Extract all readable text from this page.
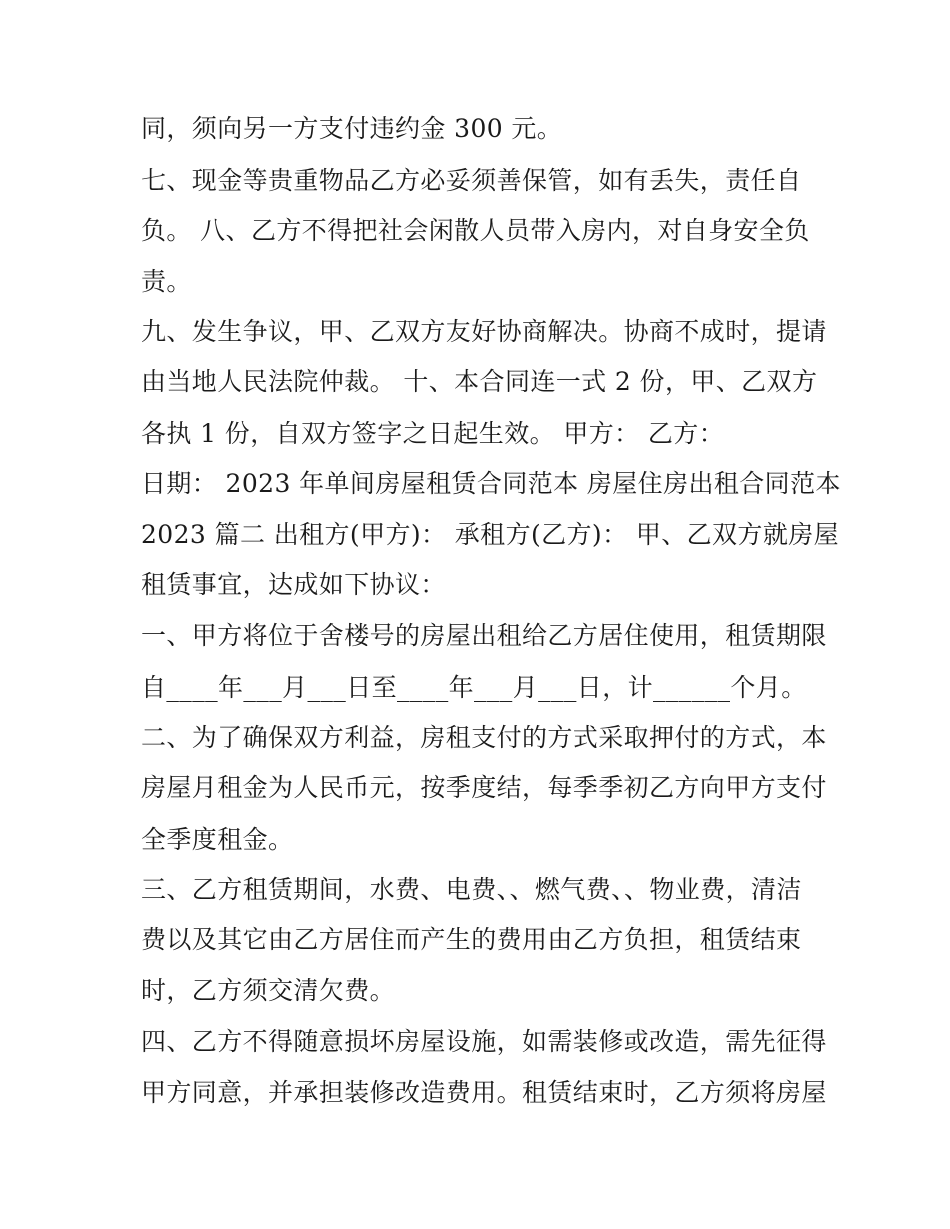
同，须向另一方支付违约金 300 元。
七、现金等贵重物品乙方必妥须善保管，如有丢失，责任自
负。 八、乙方不得把社会闲散人员带入房内，对自身安全负
责。
九、发生争议，甲、乙双方友好协商解决。协商不成时，提请
由当地人民法院仲裁。 十、本合同连一式 2 份，甲、乙双方
各执 1 份，自双方签字之日起生效。 甲方： 乙方：
日期： 2023 年单间房屋租赁合同范本 房屋住房出租合同范本
2023 篇二 出租方(甲方)： 承租方(乙方)： 甲、乙双方就房屋
租赁事宜，达成如下协议：
一、甲方将位于舍楼号的房屋出租给乙方居住使用，租赁期限
自____年___月___日至____年___月___日，计______个月。
二、为了确保双方利益，房租支付的方式采取押付的方式，本
房屋月租金为人民币元，按季度结，每季季初乙方向甲方支付
全季度租金。
三、乙方租赁期间，水费、电费、、燃气费、、物业费，清洁
费以及其它由乙方居住而产生的费用由乙方负担，租赁结束
时，乙方须交清欠费。
四、乙方不得随意损坏房屋设施，如需装修或改造，需先征得
甲方同意，并承担装修改造费用。租赁结束时，乙方须将房屋
